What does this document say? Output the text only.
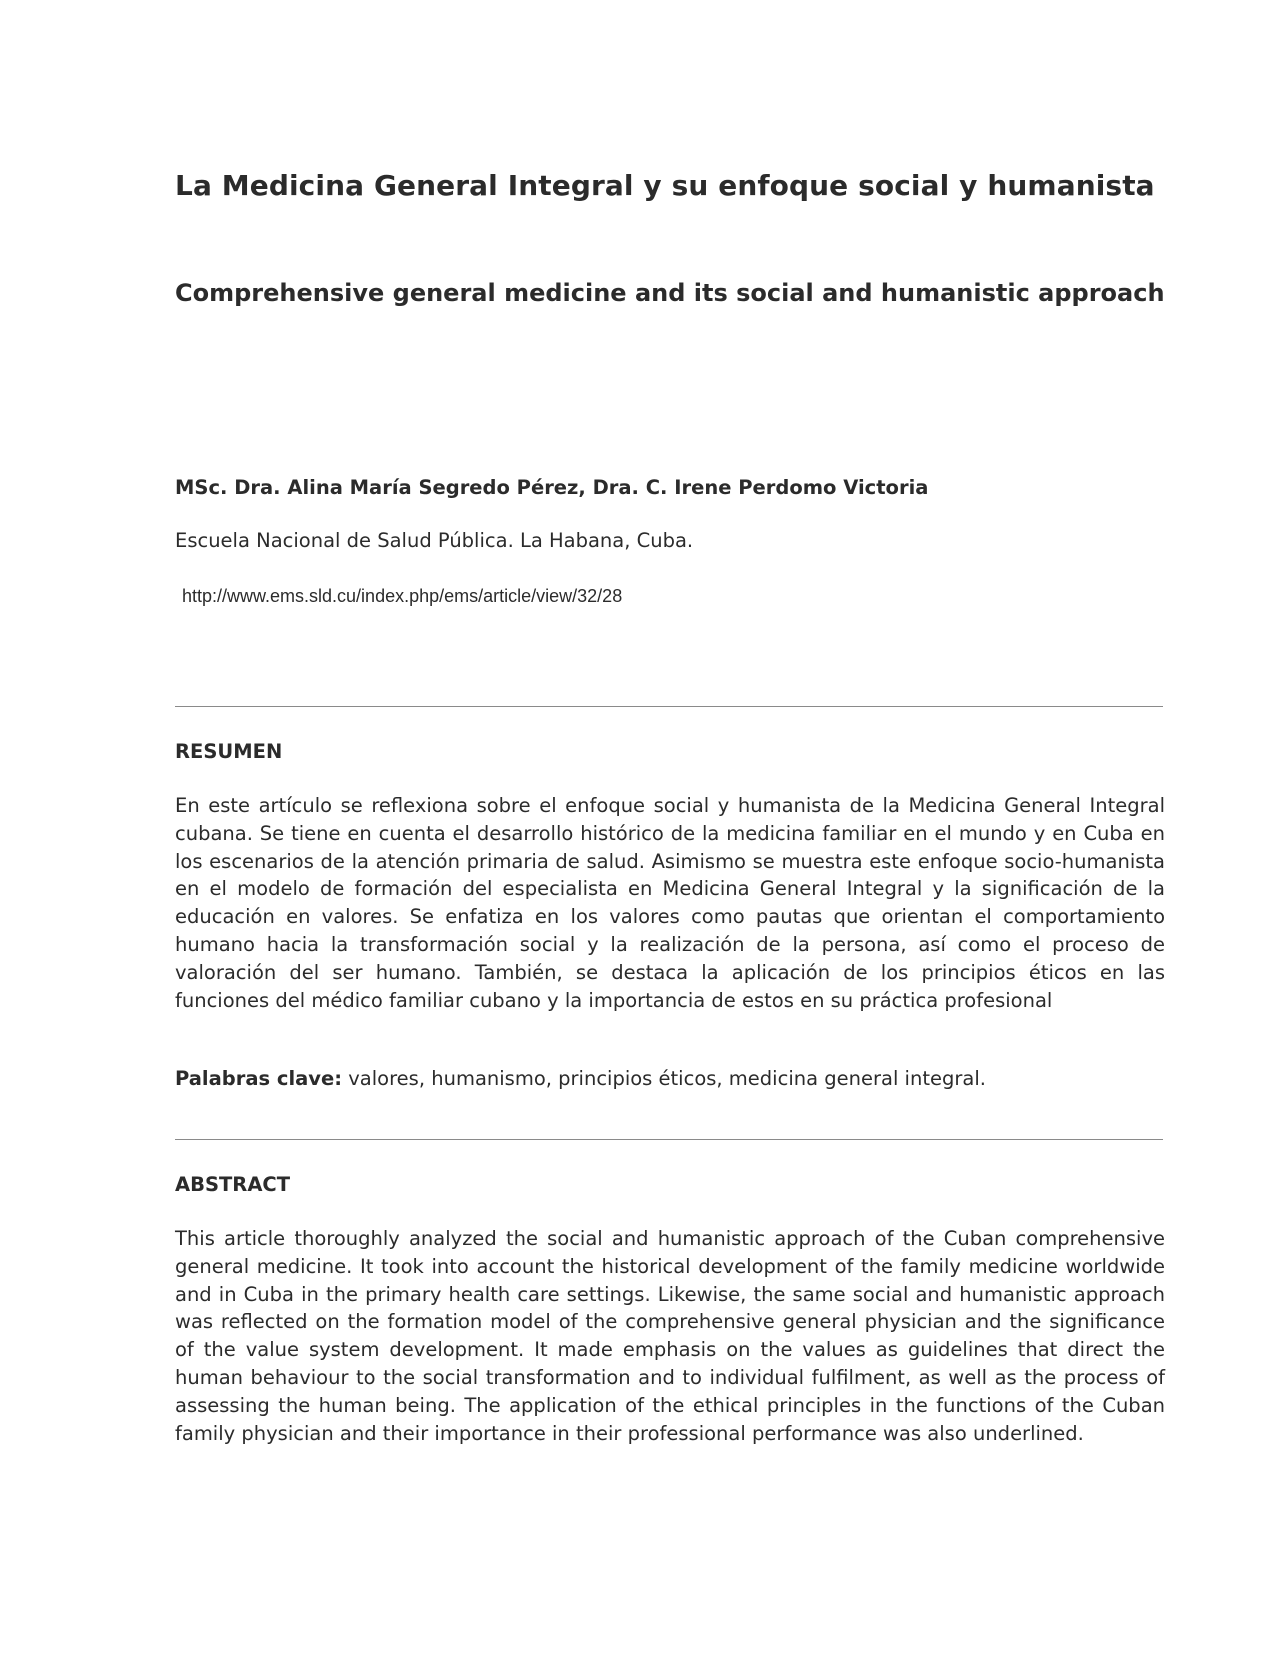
La Medicina General Integral y su enfoque social y humanista
Comprehensive general medicine and its social and humanistic approach

MSc. Dra. Alina María Segredo Pérez, Dra. C. Irene Perdomo Victoria

Escuela Nacional de Salud Pública. La Habana, Cuba.

http://www.ems.sld.cu/index.php/ems/article/view/32/28

RESUMEN

En este artículo se reflexiona sobre el enfoque social y humanista de la Medicina General Integral cubana. Se tiene en cuenta el desarrollo histórico de la medicina familiar en el mundo y en Cuba en los escenarios de la atención primaria de salud. Asimismo se muestra este enfoque socio-humanista en el modelo de formación del especialista en Medicina General Integral y la significación de la educación en valores. Se enfatiza en los valores como pautas que orientan el comportamiento humano hacia la transformación social y la realización de la persona, así como el proceso de valoración del ser humano. También, se destaca la aplicación de los principios éticos en las funciones del médico familiar cubano y la importancia de estos en su práctica profesional

Palabras clave: valores, humanismo, principios éticos, medicina general integral.

ABSTRACT

This article thoroughly analyzed the social and humanistic approach of the Cuban comprehensive general medicine. It took into account the historical development of the family medicine worldwide and in Cuba in the primary health care settings. Likewise, the same social and humanistic approach was reflected on the formation model of the comprehensive general physician and the significance of the value system development. It made emphasis on the values as guidelines that direct the human behaviour to the social transformation and to individual fulfilment, as well as the process of assessing the human being. The application of the ethical principles in the functions of the Cuban family physician and their importance in their professional performance was also underlined.
